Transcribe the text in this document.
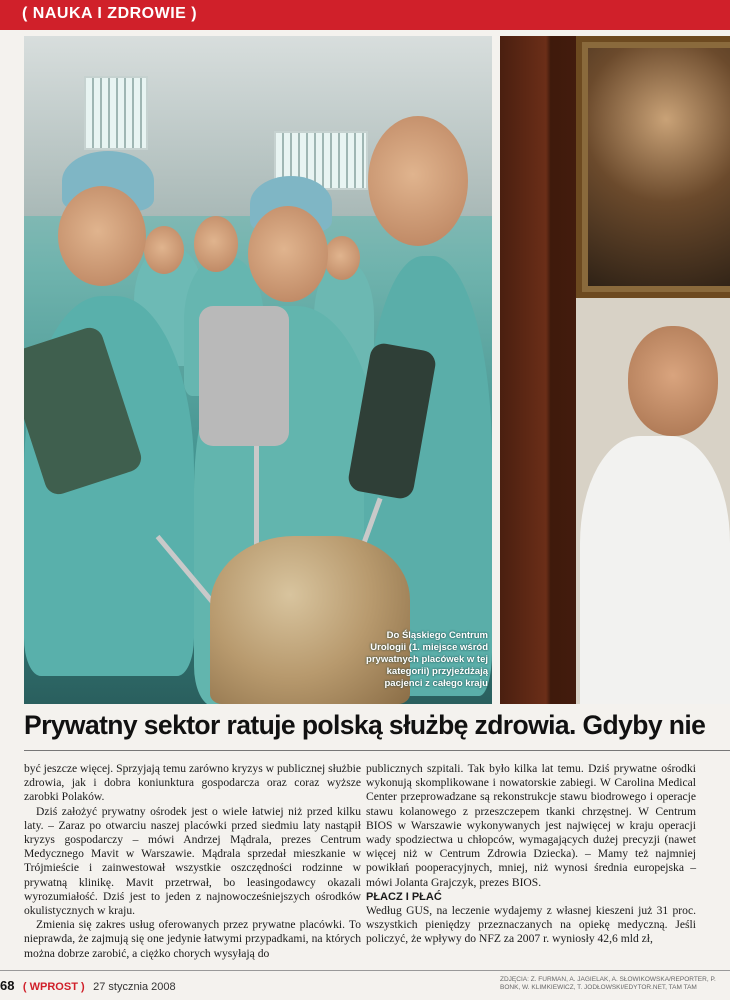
( NAUKA I ZDROWIE )
Do Śląskiego Centrum Urologii (1. miejsce wśród prywatnych placówek w tej kategorii) przyjeżdżają pacjenci z całego kraju
Prywatny sektor ratuje polską służbę zdrowia. Gdyby nie

być jeszcze więcej. Sprzyjają temu zarówno kryzys w publicznej służbie zdrowia, jak i dobra koniunktura gospodarcza oraz coraz wyższe zarobki Polaków.

Dziś założyć prywatny ośrodek jest o wiele łatwiej niż przed kilku laty. – Zaraz po otwarciu naszej placówki przed siedmiu laty nastąpił kryzys gospodarczy – mówi Andrzej Mądrala, prezes Centrum Medycznego Mavit w Warszawie. Mądrala sprzedał mieszkanie w Trójmieście i zainwestował wszystkie oszczędności rodzinne w prywatną klinikę. Mavit przetrwał, bo leasingodawcy okazali wyrozumiałość. Dziś jest to jeden z najnowocześniejszych ośrodków okulistycznych w kraju.

Zmienia się zakres usług oferowanych przez prywatne placówki. To nieprawda, że zajmują się one jedynie łatwymi przypadkami, na których można dobrze zarobić, a ciężko chorych wysyłają do

publicznych szpitali. Tak było kilka lat temu. Dziś prywatne ośrodki wykonują skomplikowane i nowatorskie zabiegi. W Carolina Medical Center przeprowadzane są rekonstrukcje stawu biodrowego i operacje stawu kolanowego z przeszczepem tkanki chrzęstnej. W Centrum BIOS w Warszawie wykonywanych jest najwięcej w kraju operacji wady spodziectwa u chłopców, wymagających dużej precyzji (nawet więcej niż w Centrum Zdrowia Dziecka). – Mamy też najmniej powikłań pooperacyjnych, mniej, niż wynosi średnia europejska – mówi Jolanta Grajczyk, prezes BIOS.

PŁACZ I PŁAĆ

Według GUS, na leczenie wydajemy z własnej kieszeni już 31 proc. wszystkich pieniędzy przeznaczanych na opiekę medyczną. Jeśli policzyć, że wpływy do NFZ za 2007 r. wyniosły 42,6 mld zł,

68 ( WPROST ) 27 stycznia 2008
ZDJĘCIA: Z. FURMAN, A. JAGIELAK, A. SŁOWIKOWSKA/REPORTER, P. BONK, W. KLIMKIEWICZ, T. JODŁOWSKI/EDYTOR.NET, TAM TAM
